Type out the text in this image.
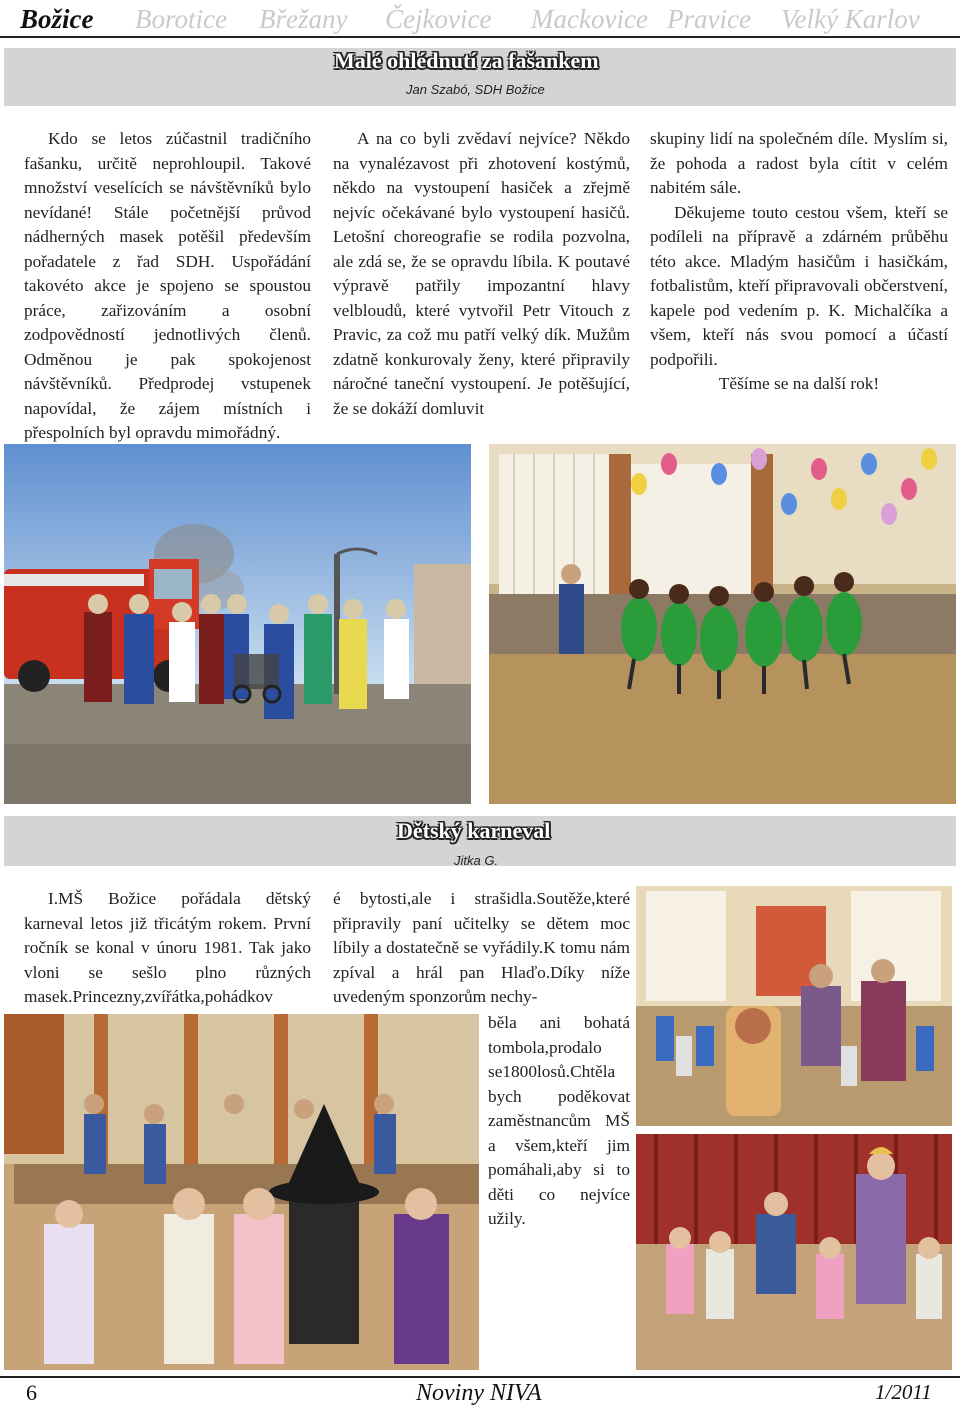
Božice Borotice Břežany Čejkovice Mackovice Pravice Velký Karlov
Malé ohlédnutí za fašankem
Jan Szabó, SDH Božice

Kdo se letos zúčastnil tradičního fašanku, určitě neprohloupil. Takové množství veselících se návštěvníků bylo nevídané! Stále početnější průvod nádherných masek potěšil především pořadatele z řad SDH. Uspořádání takovéto akce je spojeno se spoustou práce, zařizováním a osobní zodpovědností jednotlivých členů. Odměnou je pak spokojenost návštěvníků. Předprodej vstupenek napovídal, že zájem místních i přespolních byl opravdu mimořádný.

A na co byli zvědaví nejvíce? Někdo na vynalézavost při zhotovení kostýmů, někdo na vystoupení hasiček a zřejmě nejvíc očekávané bylo vystoupení hasičů. Letošní choreografie se rodila pozvolna, ale zdá se, že se opravdu líbila. K poutavé výpravě patřily impozantní hlavy velbloudů, které vytvořil Petr Vitouch z Pravic, za což mu patří velký dík. Mužům zdatně konkurovaly ženy, které připravily náročné taneční vystoupení. Je potěšující, že se dokáží domluvit

skupiny lidí na společném díle. Myslím si, že pohoda a radost byla cítit v celém nabitém sále.

Děkujeme touto cestou všem, kteří se podíleli na přípravě a zdárném průběhu této akce. Mladým hasičům i hasičkám, fotbalistům, kteří připravovali občerstvení, kapele pod vedením p. K. Michalčíka a všem, kteří nás svou pomocí a účastí podpořili.

Těšíme se na další rok!

Dětský karneval
Jitka G.

I.MŠ Božice pořádala dětský karneval letos již třicátým rokem. První ročník se konal v únoru 1981. Tak jako vloni se sešlo plno různých masek.Princezny,zvířátka,pohádkov

é bytosti,ale i strašidla.Soutěže,které připravily paní učitelky se dětem moc líbily a dostatečně se vyřádily.K tomu nám zpíval a hrál pan Hlaďo.Díky níže uvedeným sponzorům nechy-

běla ani bohatá tombola,prodalo se1800losů.Chtěla bych poděkovat zaměstnancům MŠ a všem,kteří jim pomáhali,aby si to děti co nejvíce užily.

6	Noviny NIVA	1/2011
